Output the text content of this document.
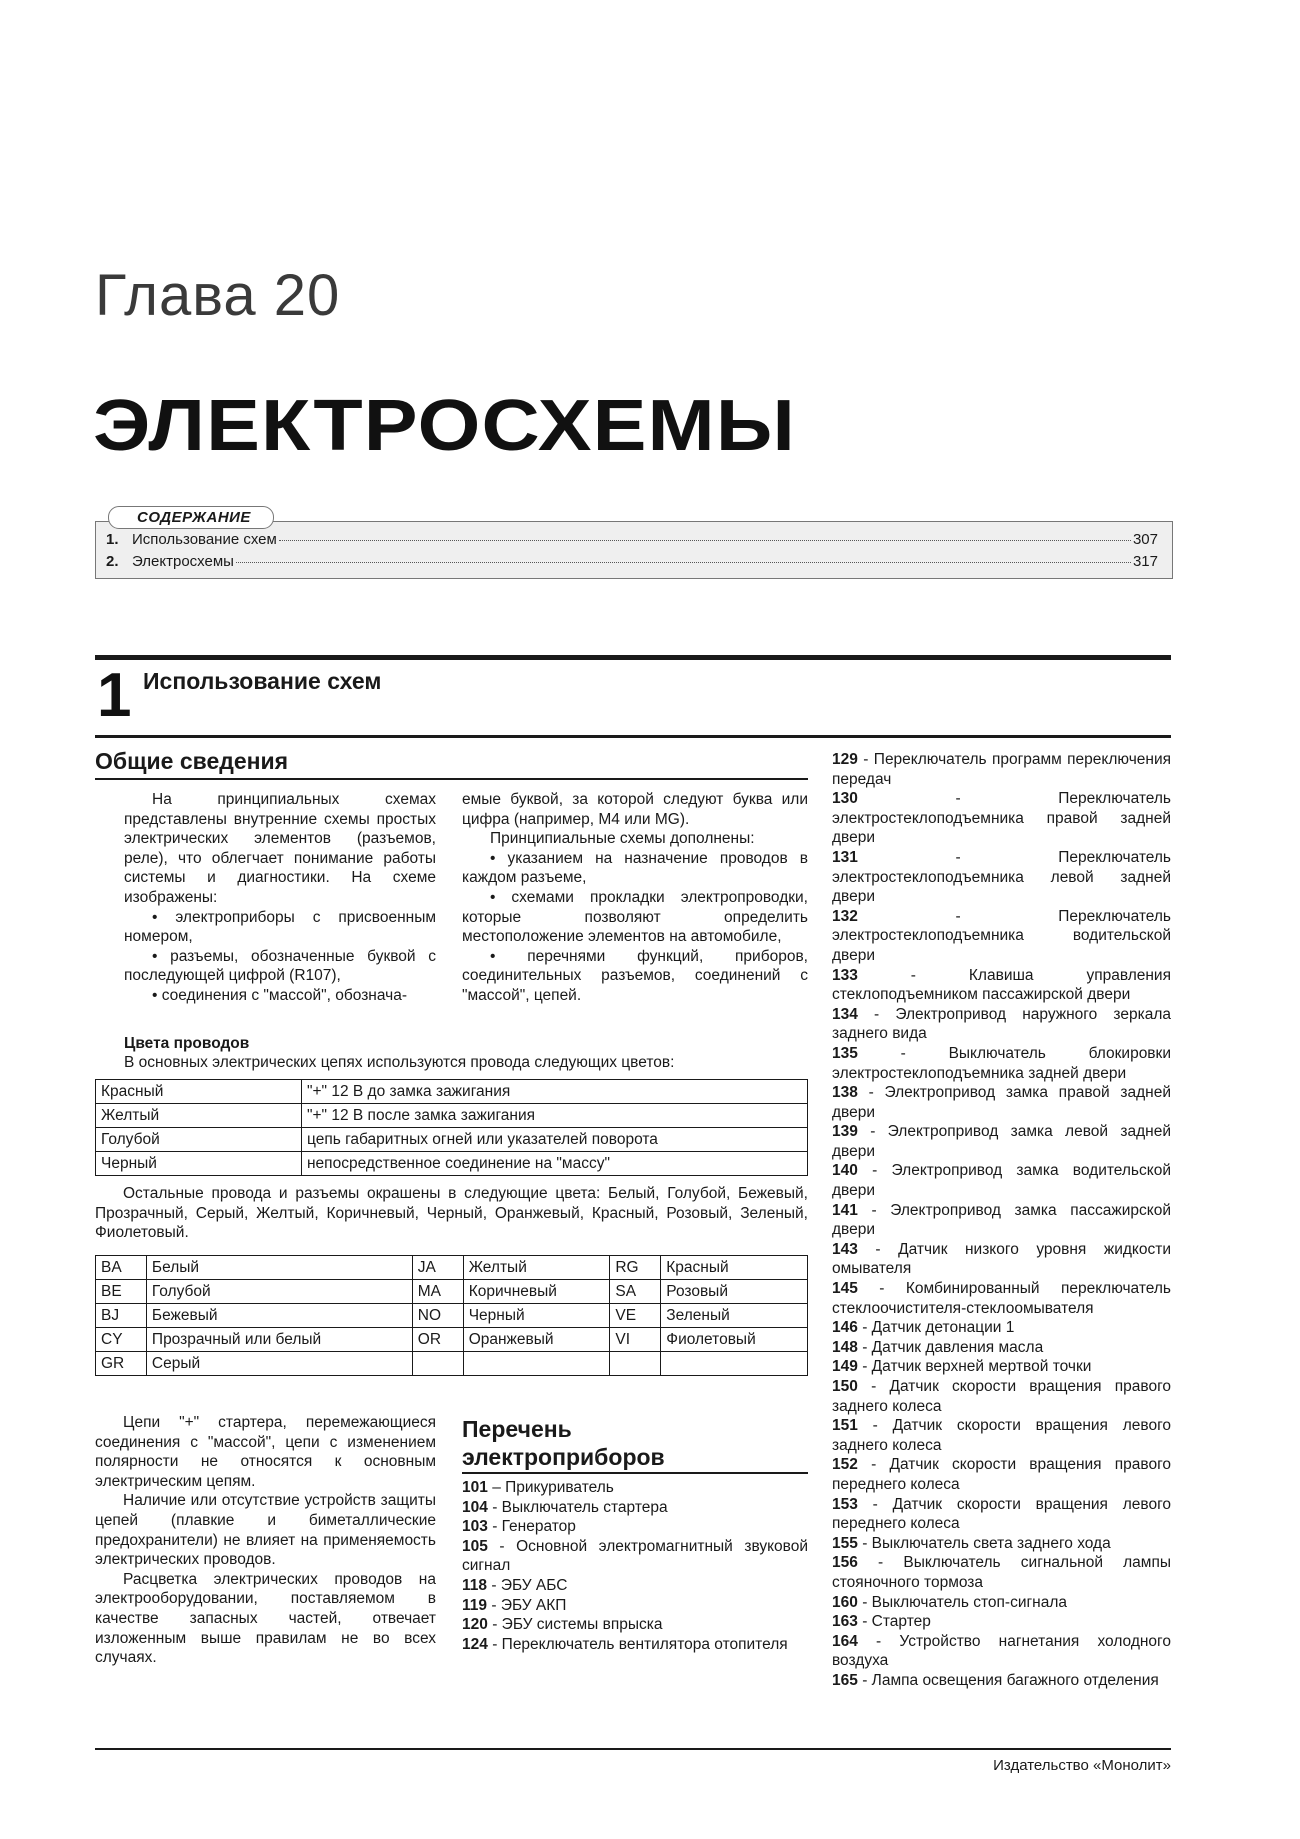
Глава 20
ЭЛЕКТРОСХЕМЫ
1. Использование схем	307
2. Электросхемы	317
СОДЕРЖАНИЕ
1 Использование схем
Общие сведения

На принципиальных схемах представлены внутренние схемы простых электрических элементов (разъемов, реле), что облегчает понимание работы системы и диагностики. На схеме изображены:

• электроприборы с присвоенным номером,

• разъемы, обозначенные буквой с последующей цифрой (R107),

• соединения с "массой", обознача-

емые буквой, за которой следуют буква или цифра (например, M4 или MG).

Принципиальные схемы дополнены:

• указанием на назначение проводов в каждом разъеме,

• схемами прокладки электропроводки, которые позволяют определить местоположение элементов на автомобиле,

• перечнями функций, приборов, соединительных разъемов, соединений с "массой", цепей.

Цвета проводов
В основных электрических цепях используются провода следующих цветов:
Красный	"+" 12 В до замка зажигания
Желтый	"+" 12 В после замка зажигания
Голубой	цепь габаритных огней или указателей поворота
Черный	непосредственное соединение на "массу"

Остальные провода и разъемы окрашены в следующие цвета: Белый, Голубой, Бежевый, Прозрачный, Серый, Желтый, Коричневый, Черный, Оранжевый, Красный, Розовый, Зеленый, Фиолетовый.

BA	Белый	JA	Желтый	RG	Красный
BE	Голубой	MA	Коричневый	SA	Розовый
BJ	Бежевый	NO	Черный	VE	Зеленый
CY	Прозрачный или белый	OR	Оранжевый	VI	Фиолетовый
GR	Серый				

Цепи "+" стартера, перемежающиеся соединения с "массой", цепи с изменением полярности не относятся к основным электрическим цепям.

Наличие или отсутствие устройств защиты цепей (плавкие и биметаллические предохранители) не влияет на применяемость электрических проводов.

Расцветка электрических проводов на электрооборудовании, поставляемом в качестве запасных частей, отвечает изложенным выше правилам не во всех случаях.

Перечень электроприборов

101 – Прикуриватель

104 - Выключатель стартера

103 - Генератор

105 - Основной электромагнитный звуковой сигнал

118 - ЭБУ АБС

119 - ЭБУ АКП

120 - ЭБУ системы впрыска

124 - Переключатель вентилятора отопителя

129 - Переключатель программ переключения передач

130	-	Переключатель электростеклоподъемника правой задней двери

131	-	Переключатель электростеклоподъемника левой задней двери

132	-	Переключатель электростеклоподъемника водительской двери

133	-	Клавиша управления стеклоподъемником пассажирской двери

134 - Электропривод наружного зеркала заднего вида

135	-	Выключатель блокировки электростеклоподъемника задней двери

138 - Электропривод замка правой задней двери

139 - Электропривод замка левой задней двери

140 - Электропривод замка водительской двери

141 - Электропривод замка пассажирской двери

143 - Датчик низкого уровня жидкости омывателя

145 - Комбинированный переключатель стеклоочистителя-стеклоомывателя

146 - Датчик детонации 1

148 - Датчик давления масла

149 - Датчик верхней мертвой точки

150 - Датчик скорости вращения правого заднего колеса

151 - Датчик скорости вращения левого заднего колеса

152 - Датчик скорости вращения правого переднего колеса

153 - Датчик скорости вращения левого переднего колеса

155 - Выключатель света заднего хода

156 - Выключатель сигнальной лампы стояночного тормоза

160 - Выключатель стоп-сигнала

163 - Стартер

164 - Устройство нагнетания холодного воздуха

165 - Лампа освещения багажного отделения

Издательство «Монолит»
